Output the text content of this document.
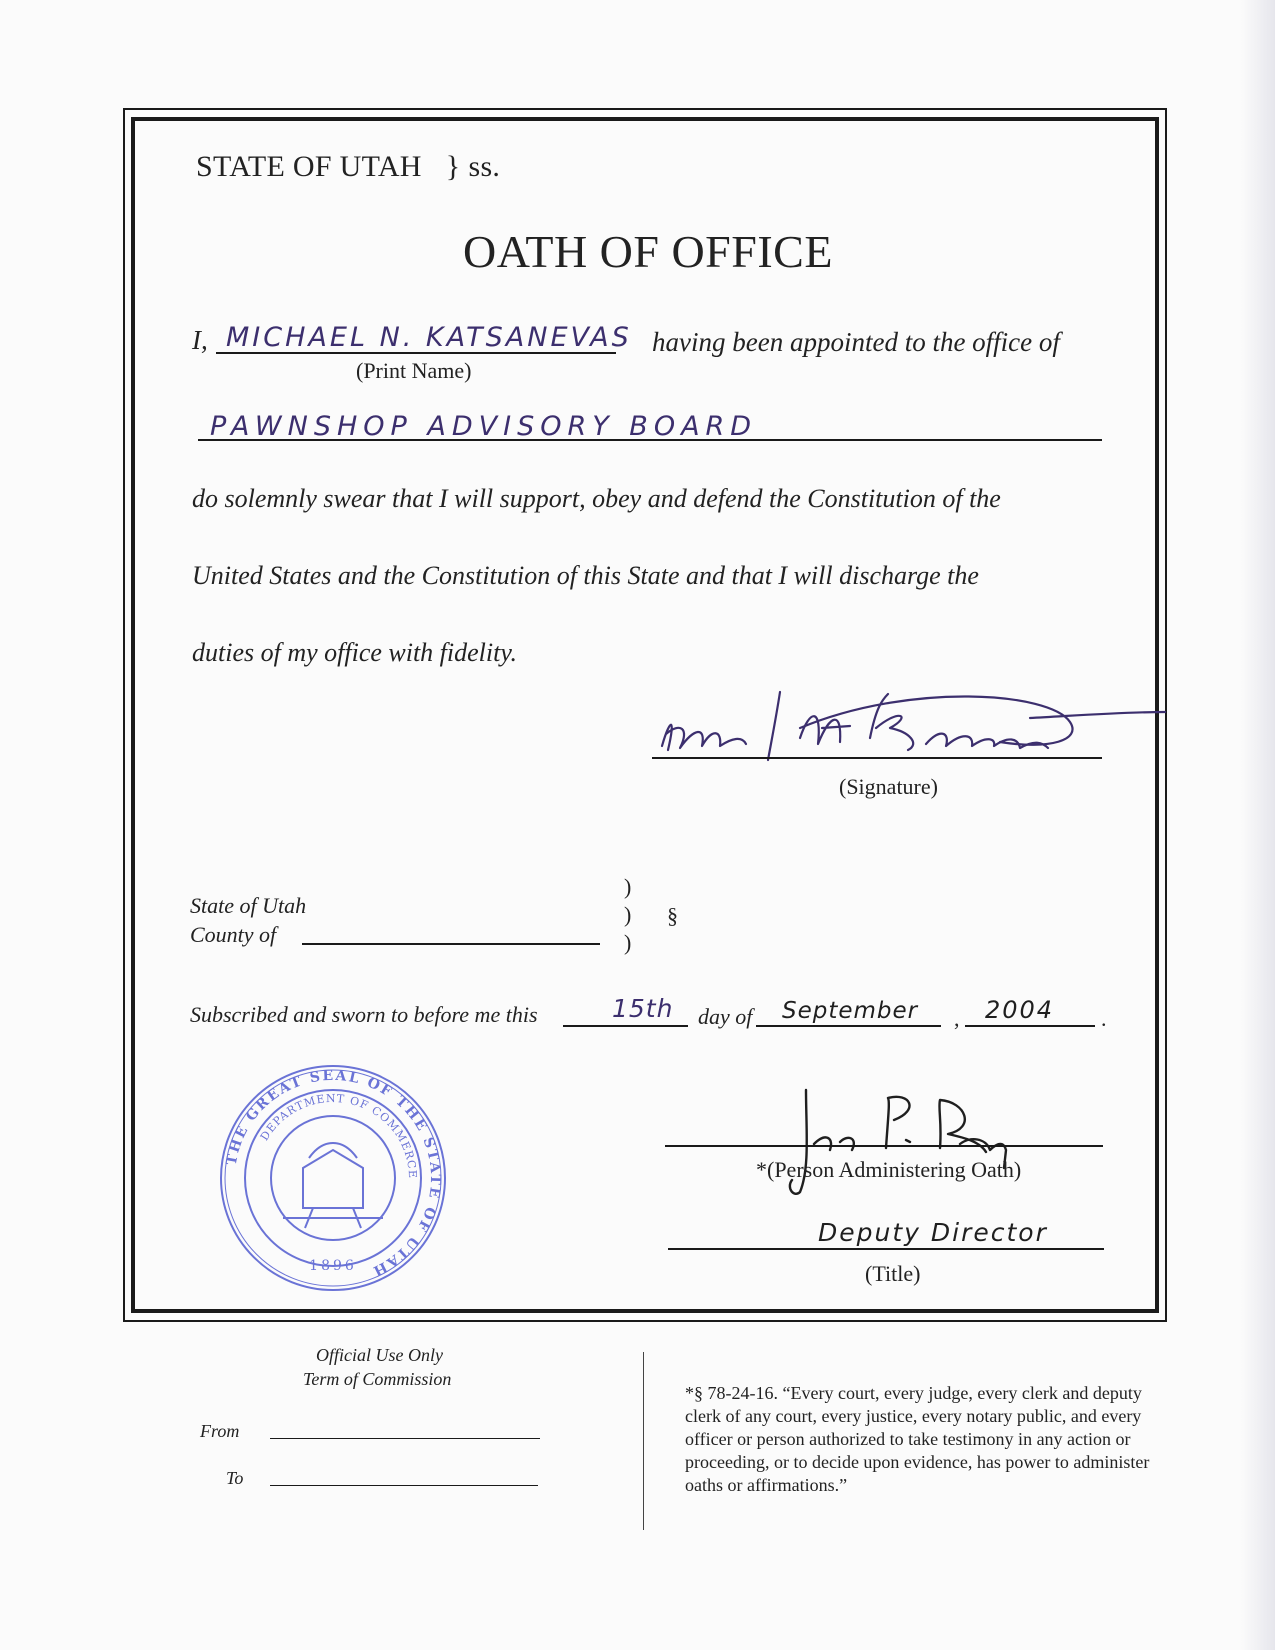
STATE OF UTAH } ss.
OATH OF OFFICE
I, MICHAEL N. KATSANEVAS
(Print Name)
having been appointed to the office of
PAWNSHOP ADVISORY BOARD
do solemnly swear that I will support, obey and defend the Constitution of the
United States and the Constitution of this State and that I will discharge the
duties of my office with fidelity.
(Signature)
State of Utah
County of
)
)
)
§
Subscribed and sworn to before me this	15th day of September , 2004 .
THE GREAT SEAL OF THE STATE OF UTAH
DEPARTMENT OF COMMERCE
1896
*(Person Administering Oath)
Deputy Director
(Title)
Official Use Only
Term of Commission
From
To
*§ 78-24-16. “Every court, every judge, every clerk and deputy clerk of any court, every justice, every notary public, and every officer or person authorized to take testimony in any action or proceeding, or to decide upon evidence, has power to administer oaths or affirmations.”
